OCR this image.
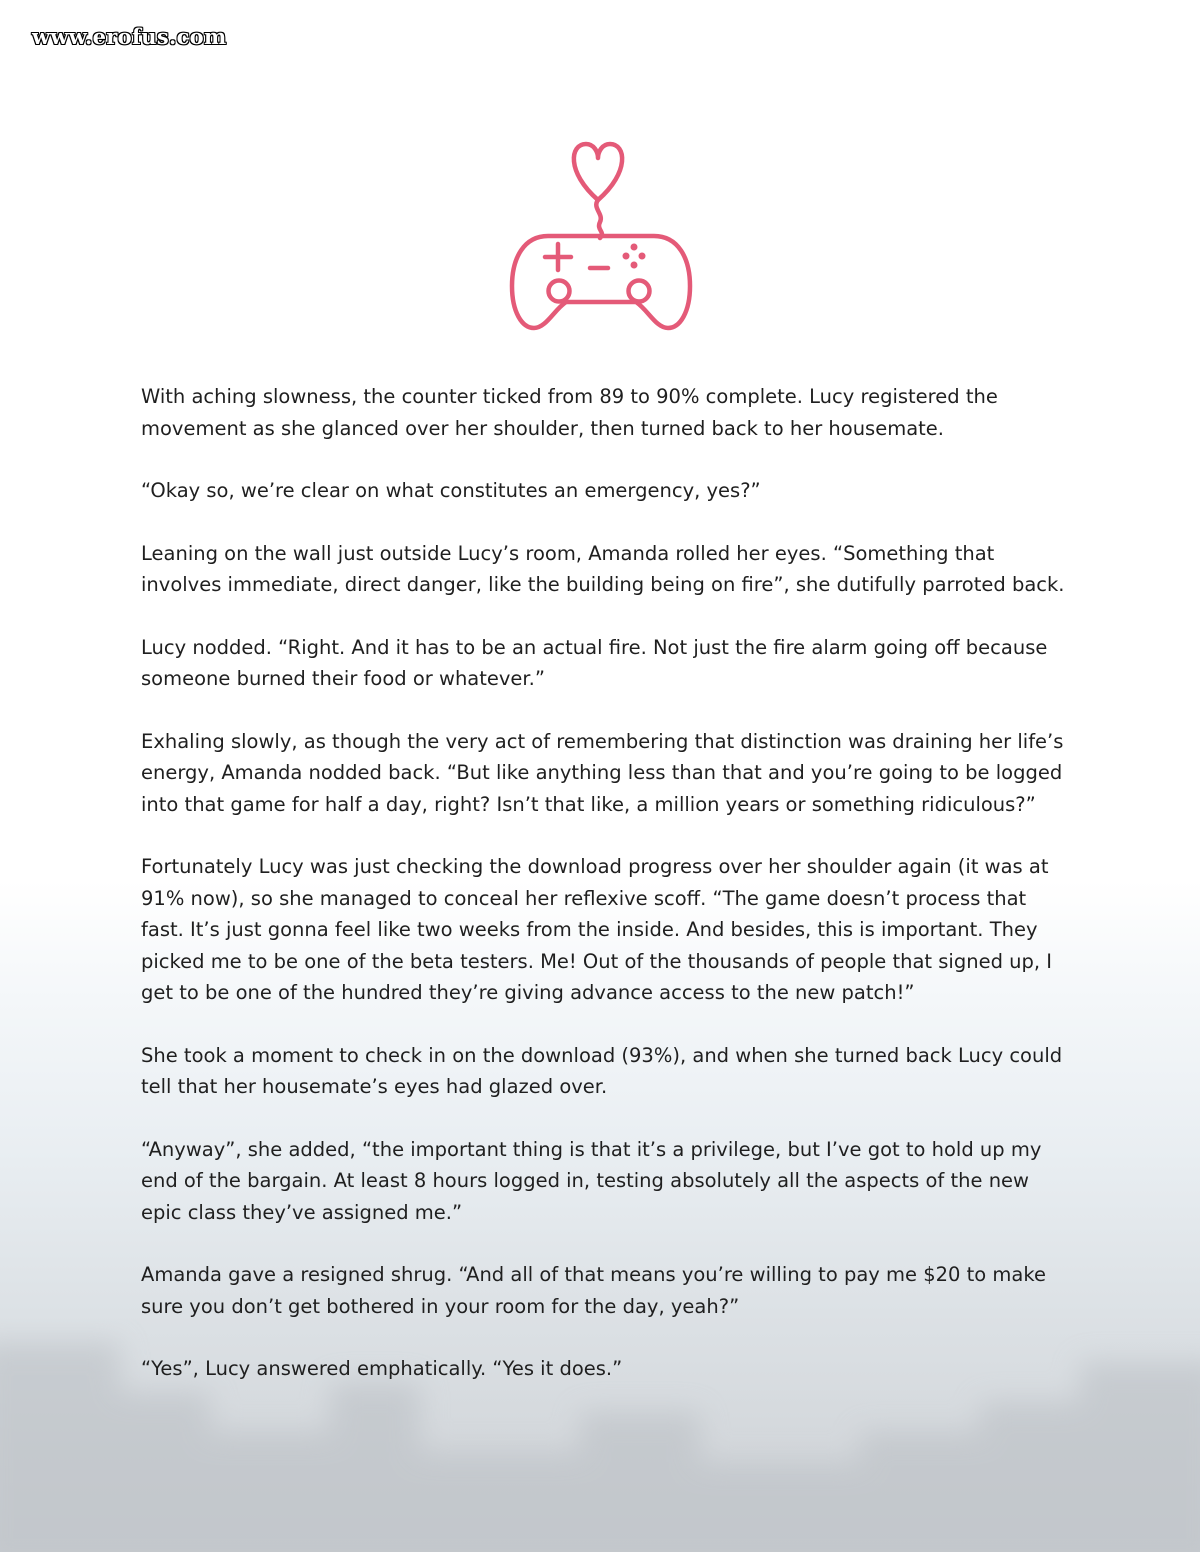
www.erofus.com

With aching slowness, the counter ticked from 89 to 90% complete. Lucy registered the movement as she glanced over her shoulder, then turned back to her housemate.

“Okay so, we’re clear on what constitutes an emergency, yes?”

Leaning on the wall just outside Lucy’s room, Amanda rolled her eyes. “Something that involves immediate, direct danger, like the building being on fire”, she dutifully parroted back.

Lucy nodded. “Right. And it has to be an actual fire. Not just the fire alarm going off because someone burned their food or whatever.”

Exhaling slowly, as though the very act of remembering that distinction was draining her life’s energy, Amanda nodded back. “But like anything less than that and you’re going to be logged into that game for half a day, right? Isn’t that like, a million years or something ridiculous?”

Fortunately Lucy was just checking the download progress over her shoulder again (it was at 91% now), so she managed to conceal her reflexive scoff. “The game doesn’t process that fast. It’s just gonna feel like two weeks from the inside. And besides, this is important. They picked me to be one of the beta testers. Me! Out of the thousands of people that signed up, I get to be one of the hundred they’re giving advance access to the new patch!”

She took a moment to check in on the download (93%), and when she turned back Lucy could tell that her housemate’s eyes had glazed over.

“Anyway”, she added, “the important thing is that it’s a privilege, but I’ve got to hold up my end of the bargain. At least 8 hours logged in, testing absolutely all the aspects of the new epic class they’ve assigned me.”

Amanda gave a resigned shrug. “And all of that means you’re willing to pay me $20 to make sure you don’t get bothered in your room for the day, yeah?”

“Yes”, Lucy answered emphatically. “Yes it does.”
